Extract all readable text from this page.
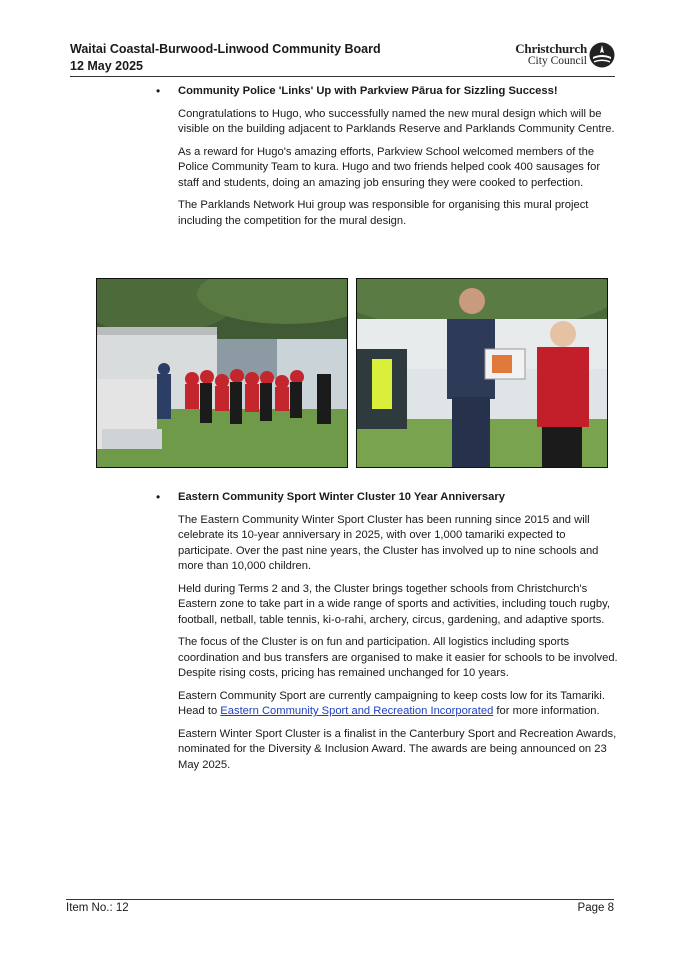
Waitai Coastal-Burwood-Linwood Community Board
12 May 2025
Christchurch
City Council
• Community Police 'Links' Up with Parkview Pārua for Sizzling Success!

Congratulations to Hugo, who successfully named the new mural design which will be visible on the building adjacent to Parklands Reserve and Parklands Community Centre.

As a reward for Hugo's amazing efforts, Parkview School welcomed members of the Police Community Team to kura. Hugo and two friends helped cook 400 sausages for staff and students, doing an amazing job ensuring they were cooked to perfection.

The Parklands Network Hui group was responsible for organising this mural project including the competition for the mural design.

• Eastern Community Sport Winter Cluster 10 Year Anniversary

The Eastern Community Winter Sport Cluster has been running since 2015 and will celebrate its 10-year anniversary in 2025, with over 1,000 tamariki expected to participate. Over the past nine years, the Cluster has involved up to nine schools and more than 10,000 children.

Held during Terms 2 and 3, the Cluster brings together schools from Christchurch's Eastern zone to take part in a wide range of sports and activities, including touch rugby, football, netball, table tennis, ki-o-rahi, archery, circus, gardening, and adaptive sports.

The focus of the Cluster is on fun and participation. All logistics including sports coordination and bus transfers are organised to make it easier for schools to be involved. Despite rising costs, pricing has remained unchanged for 10 years.

Eastern Community Sport are currently campaigning to keep costs low for its Tamariki. Head to Eastern Community Sport and Recreation Incorporated for more information.

Eastern Winter Sport Cluster is a finalist in the Canterbury Sport and Recreation Awards, nominated for the Diversity & Inclusion Award. The awards are being announced on 23 May 2025.

Item No.: 12	Page 8
